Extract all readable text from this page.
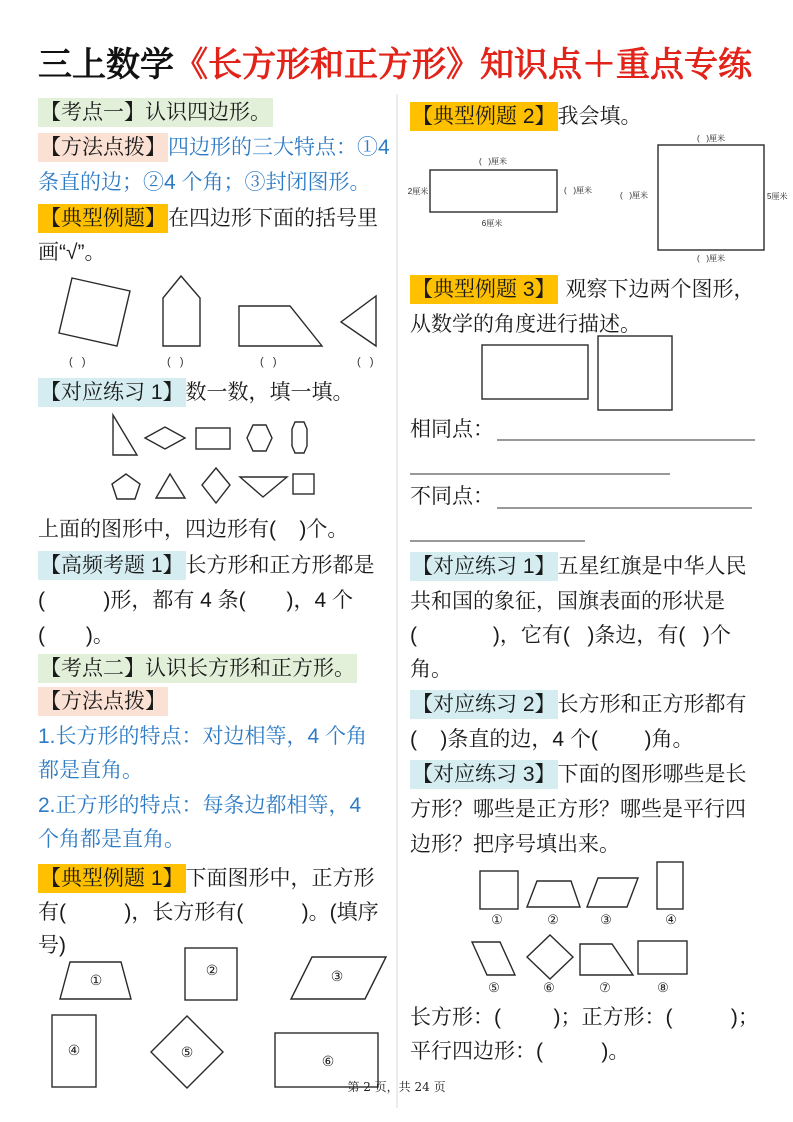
三上数学《长方形和正方形》知识点＋重点专练
【考点一】认识四边形。
【方法点拨】四边形的三大特点：①4
条直的边；②4 个角；③封闭图形。
【典型例题】在四边形下面的括号里
画“√”。
(   )	(   )	(   )	(   )
【对应练习 1】数一数，填一填。
上面的图形中，四边形有(    )个。
【高频考题 1】长方形和正方形都是
(          )形，都有 4 条(       )，4 个
(       )。
【考点二】认识长方形和正方形。
【方法点拨】
1.长方形的特点：对边相等，4 个角
都是直角。
2.正方形的特点：每条边都相等，4
个角都是直角。
【典型例题 1】下面图形中，正方形
有(          )，长方形有(          )。(填序
号)
【典型例题 2】我会填。
【典型例题 3】 观察下边两个图形，
从数学的角度进行描述。
相同点：
不同点：
【对应练习 1】五星红旗是中华人民
共和国的象征，国旗表面的形状是
(             )，它有(   )条边，有(   )个
角。
【对应练习 2】长方形和正方形都有
(    )条直的边，4 个(        )角。
【对应练习 3】下面的图形哪些是长
方形？哪些是正方形？哪些是平行四
边形？把序号填出来。
长方形：(         )；正方形：(          )；
平行四边形：(          )。
①
②	③
④	⑤
⑥
(   )厘米
2厘米	(   )厘米
6厘米
(   )厘米
(   )厘米	5厘米
(   )厘米
①	②	③	④
⑤	⑥	⑦	⑧
第 2 页，共 24 页
